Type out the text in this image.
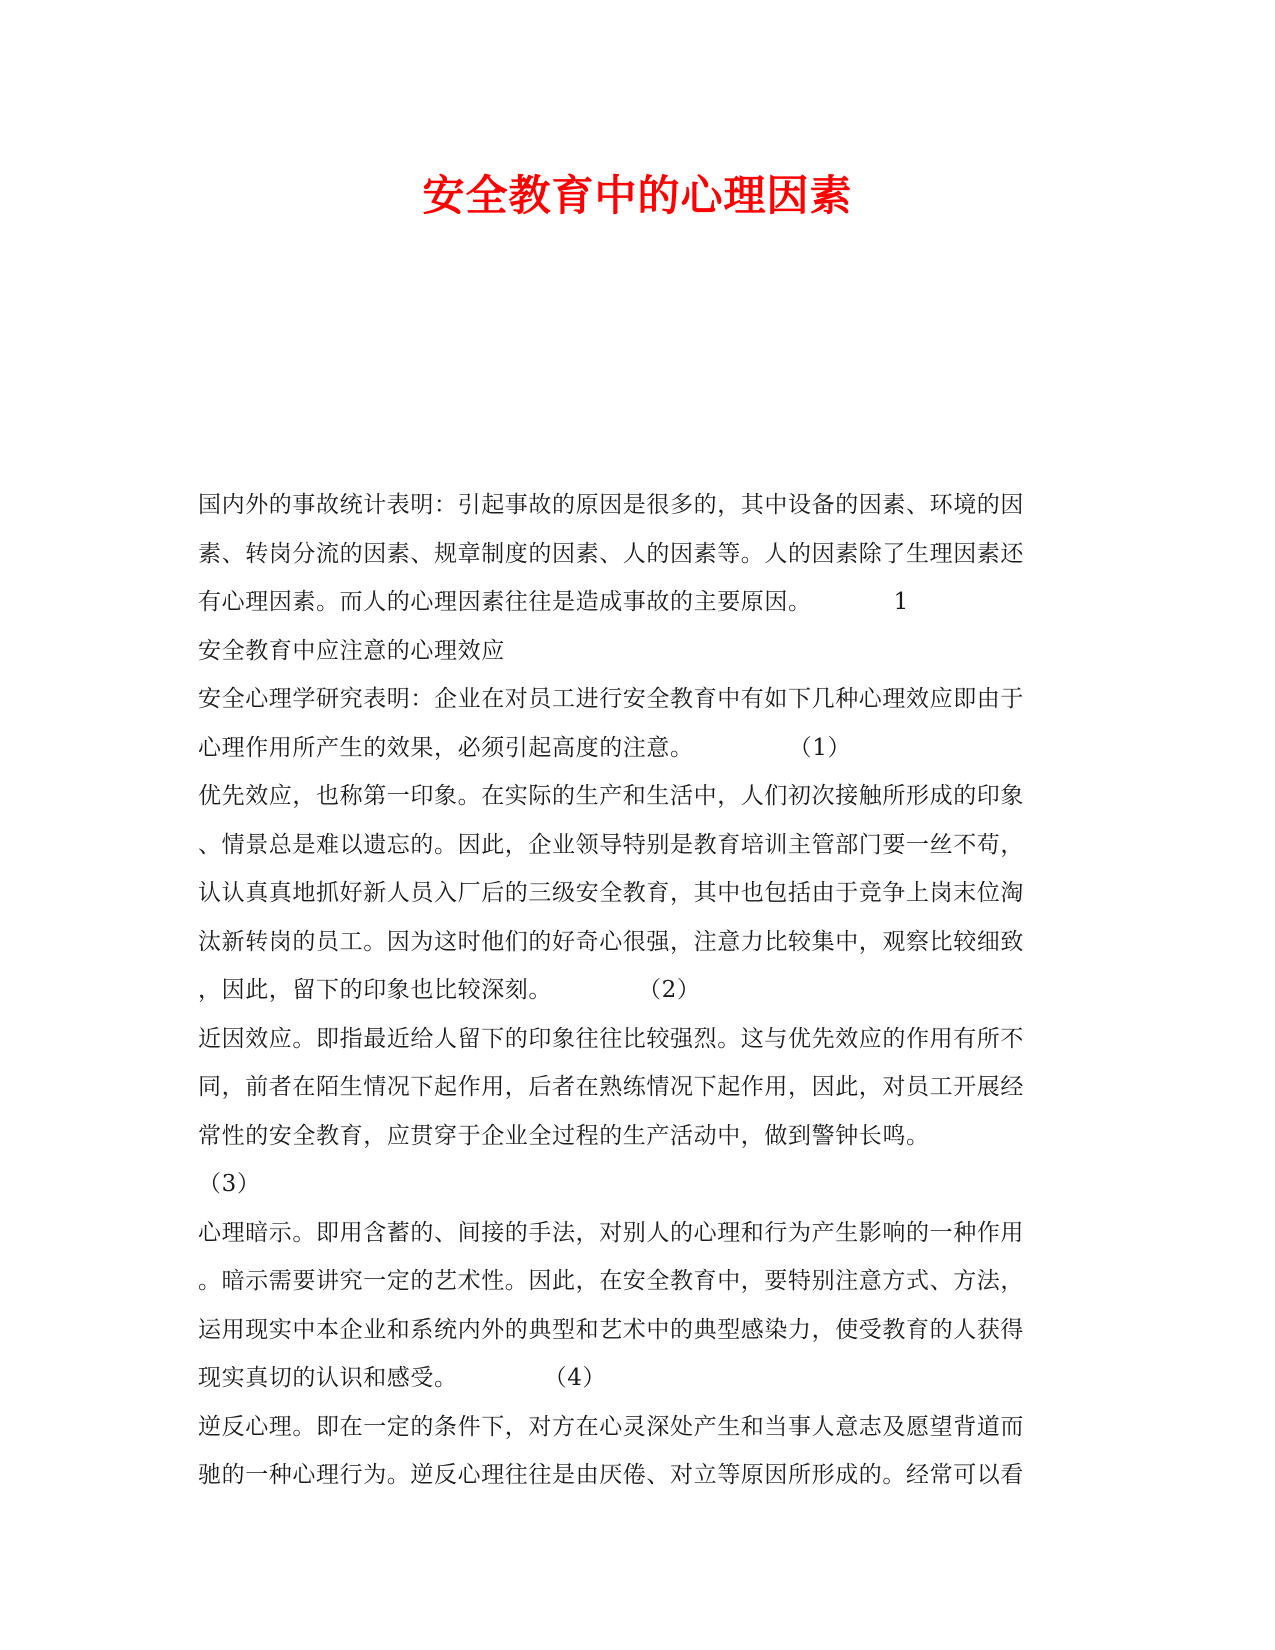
安全教育中的心理因素
国内外的事故统计表明：引起事故的原因是很多的，其中设备的因素、环境的因
素、转岗分流的因素、规章制度的因素、人的因素等。人的因素除了生理因素还
有心理因素。而人的心理因素往往是造成事故的主要原因。	1
安全教育中应注意的心理效应
安全心理学研究表明：企业在对员工进行安全教育中有如下几种心理效应即由于
心理作用所产生的效果，必须引起高度的注意。	（1）
优先效应，也称第一印象。在实际的生产和生活中，人们初次接触所形成的印象
、情景总是难以遗忘的。因此，企业领导特别是教育培训主管部门要一丝不苟，
认认真真地抓好新人员入厂后的三级安全教育，其中也包括由于竞争上岗末位淘
汰新转岗的员工。因为这时他们的好奇心很强，注意力比较集中，观察比较细致
，因此，留下的印象也比较深刻。	（2）
近因效应。即指最近给人留下的印象往往比较强烈。这与优先效应的作用有所不
同，前者在陌生情况下起作用，后者在熟练情况下起作用，因此，对员工开展经
常性的安全教育，应贯穿于企业全过程的生产活动中，做到警钟长鸣。
（3）
心理暗示。即用含蓄的、间接的手法，对别人的心理和行为产生影响的一种作用
。暗示需要讲究一定的艺术性。因此，在安全教育中，要特别注意方式、方法，
运用现实中本企业和系统内外的典型和艺术中的典型感染力，使受教育的人获得
现实真切的认识和感受。	（4）
逆反心理。即在一定的条件下，对方在心灵深处产生和当事人意志及愿望背道而
驰的一种心理行为。逆反心理往往是由厌倦、对立等原因所形成的。经常可以看
